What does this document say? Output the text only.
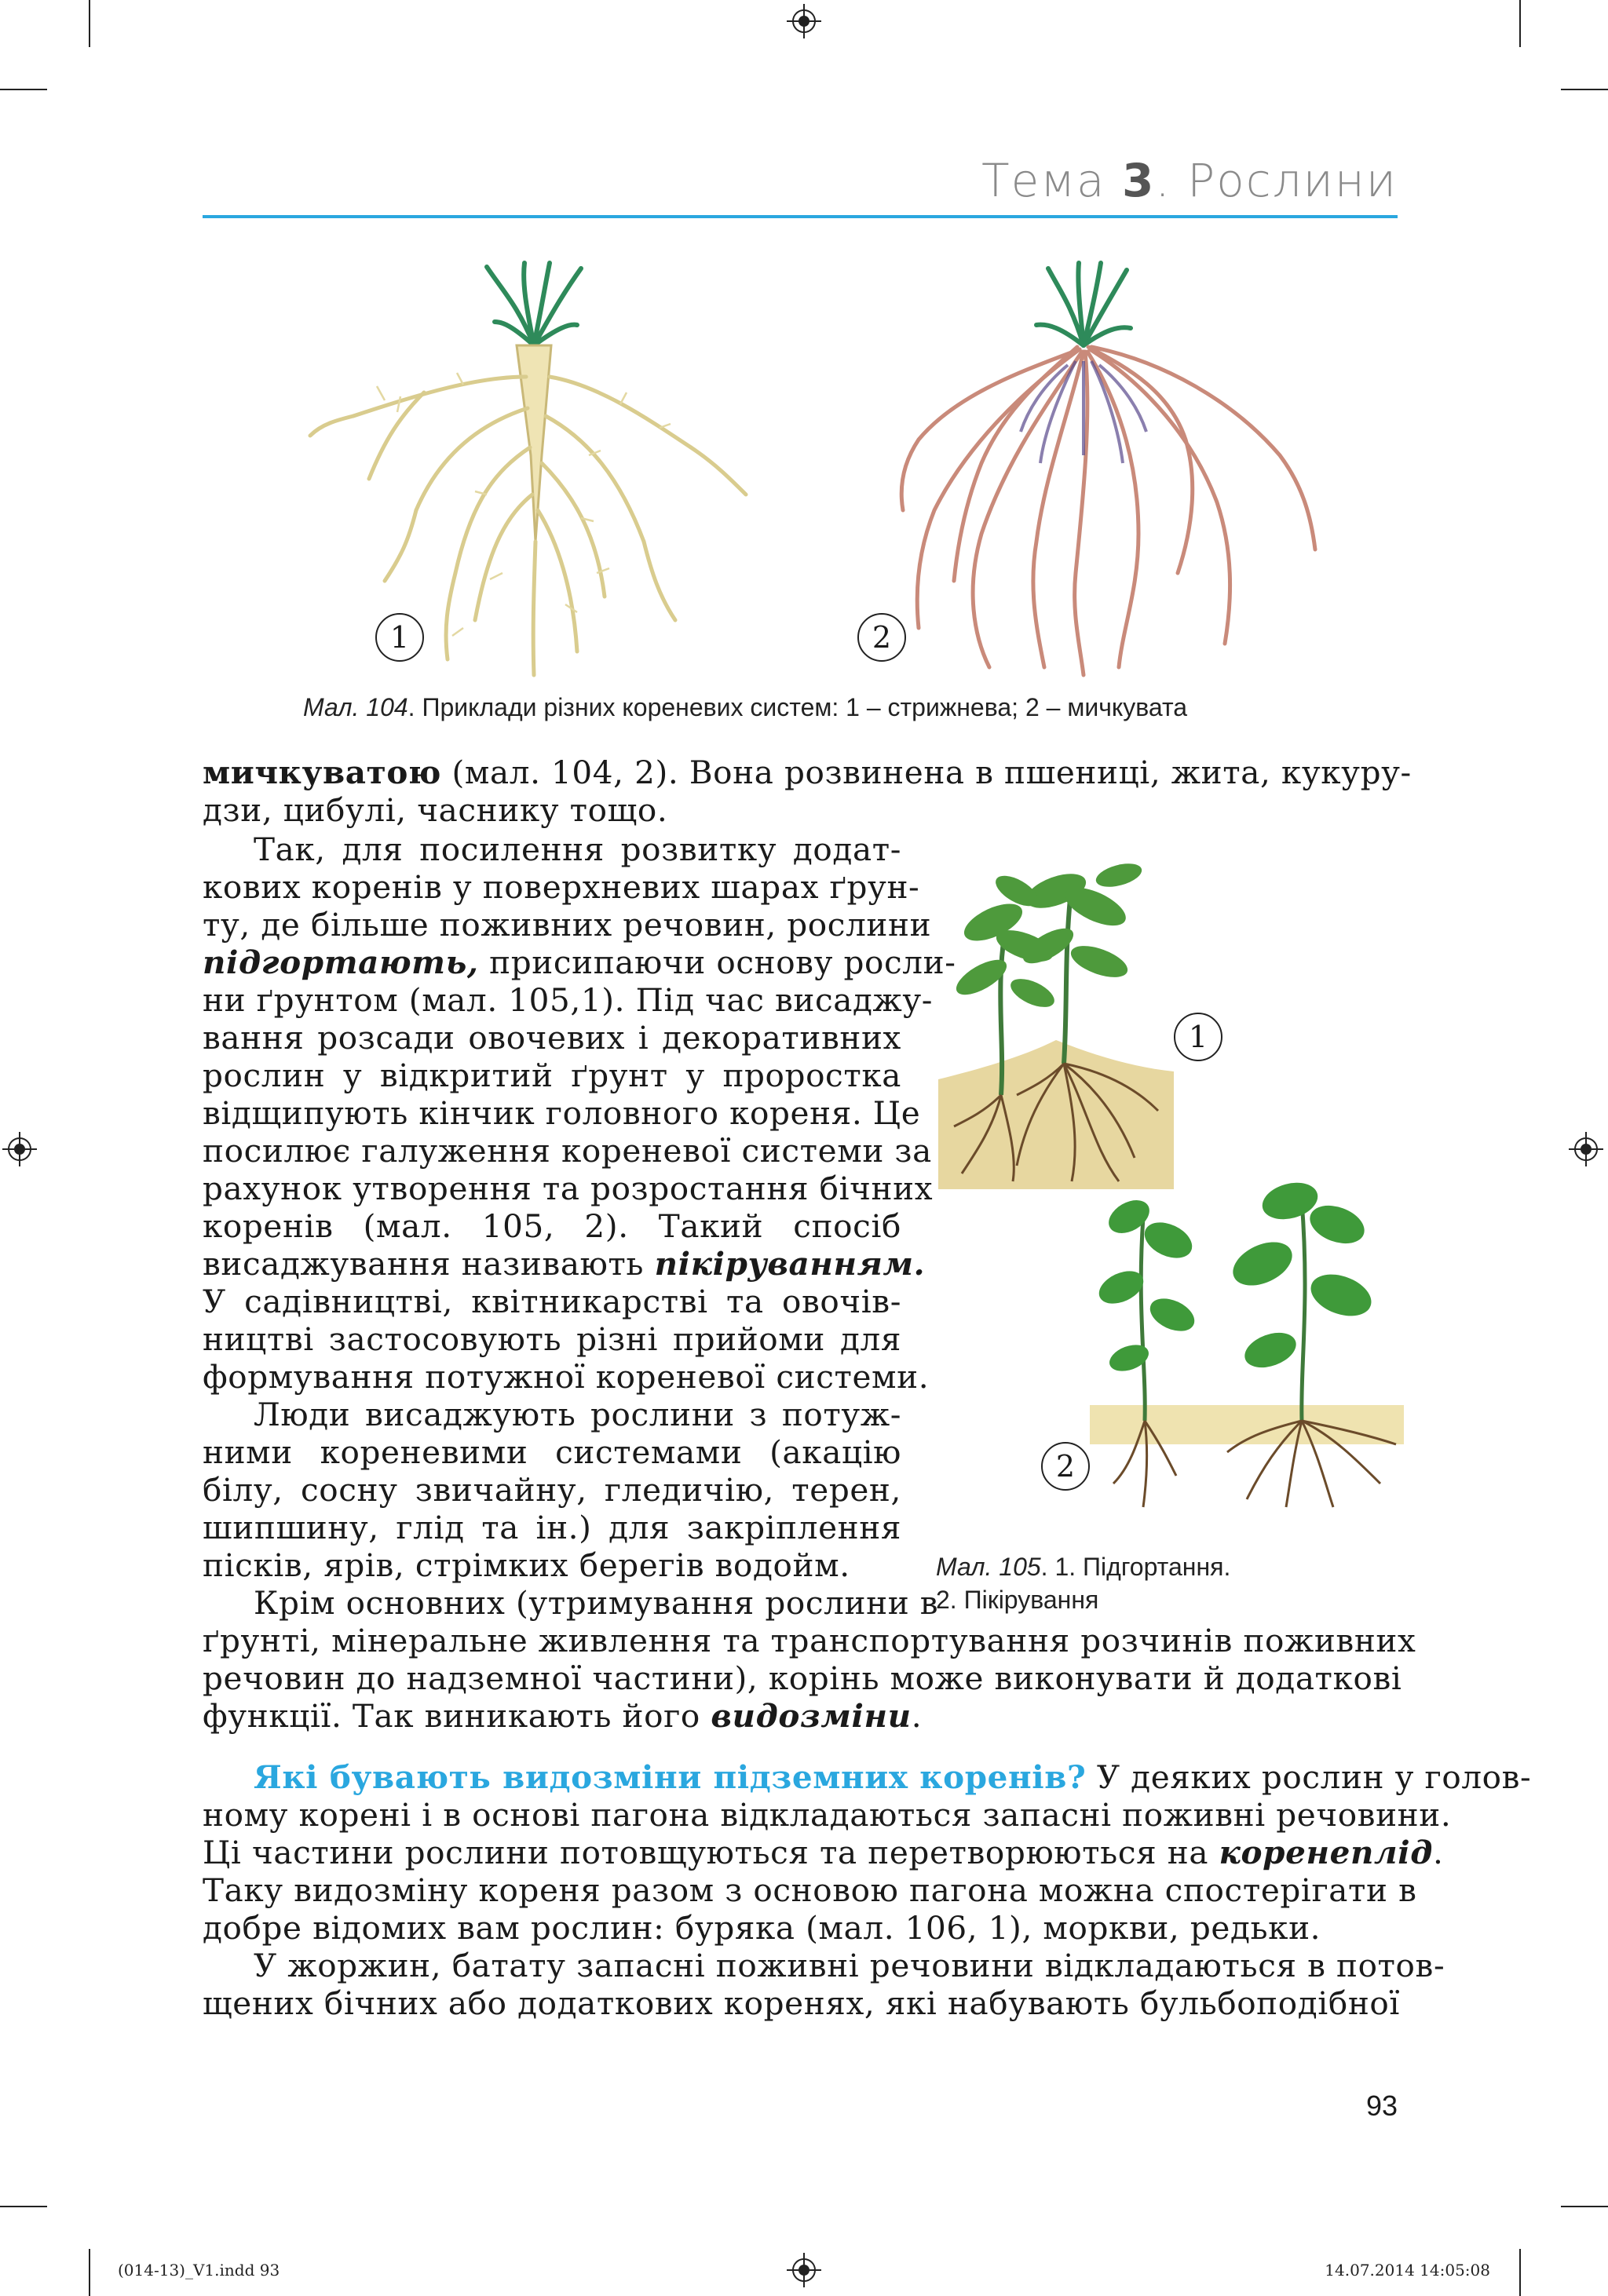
Тема 3. Рослини
1	2
Мал. 104. Приклади різних кореневих систем: 1 – стрижнева; 2 – мичкувата
1
2
Мал. 105. 1. Підгортання.
2. Пікірування
мичкуватою (мал. 104, 2). Вона розвинена в пшениці, жита, кукуру-
дзи, цибулі, часнику тощо.
Так, для посилення розвитку додат-
кових коренів у поверхневих шарах ґрун-
ту, де більше поживних речовин, рослини
підгортають, присипаючи основу росли-
ни ґрунтом (мал. 105,1). Під час висаджу-
вання розсади овочевих і декоративних
рослин у відкритий ґрунт у проростка
відщипують кінчик головного кореня. Це
посилює галуження кореневої системи за
рахунок утворення та розростання бічних
коренів (мал. 105, 2). Такий спосіб
висаджування називають пікіруванням.
У садівництві, квітникарстві та овочів-
ництві застосовують різні прийоми для
формування потужної кореневої системи.
Люди висаджують рослини з потуж-
ними кореневими системами (акацію
білу, сосну звичайну, гледичію, терен,
шипшину, глід та ін.) для закріплення
пісків, ярів, стрімких берегів водойм.
Крім основних (утримування рослини в
ґрунті, мінеральне живлення та транспортування розчинів поживних
речовин до надземної частини), корінь може виконувати й додаткові
функції. Так виникають його видозміни.
Які бувають видозміни підземних коренів? У деяких рослин у голов-
ному корені і в основі пагона відкладаються запасні поживні речовини.
Ці частини рослини потовщуються та перетворюються на коренеплід.
Таку видозміну кореня разом з основою пагона можна спостерігати в
добре відомих вам рослин: буряка (мал. 106, 1), моркви, редьки.
У жоржин, батату запасні поживні речовини відкладаються в потов-
щених бічних або додаткових коренях, які набувають бульбоподібної
93
(014-13)_V1.indd 93	14.07.2014 14:05:08
